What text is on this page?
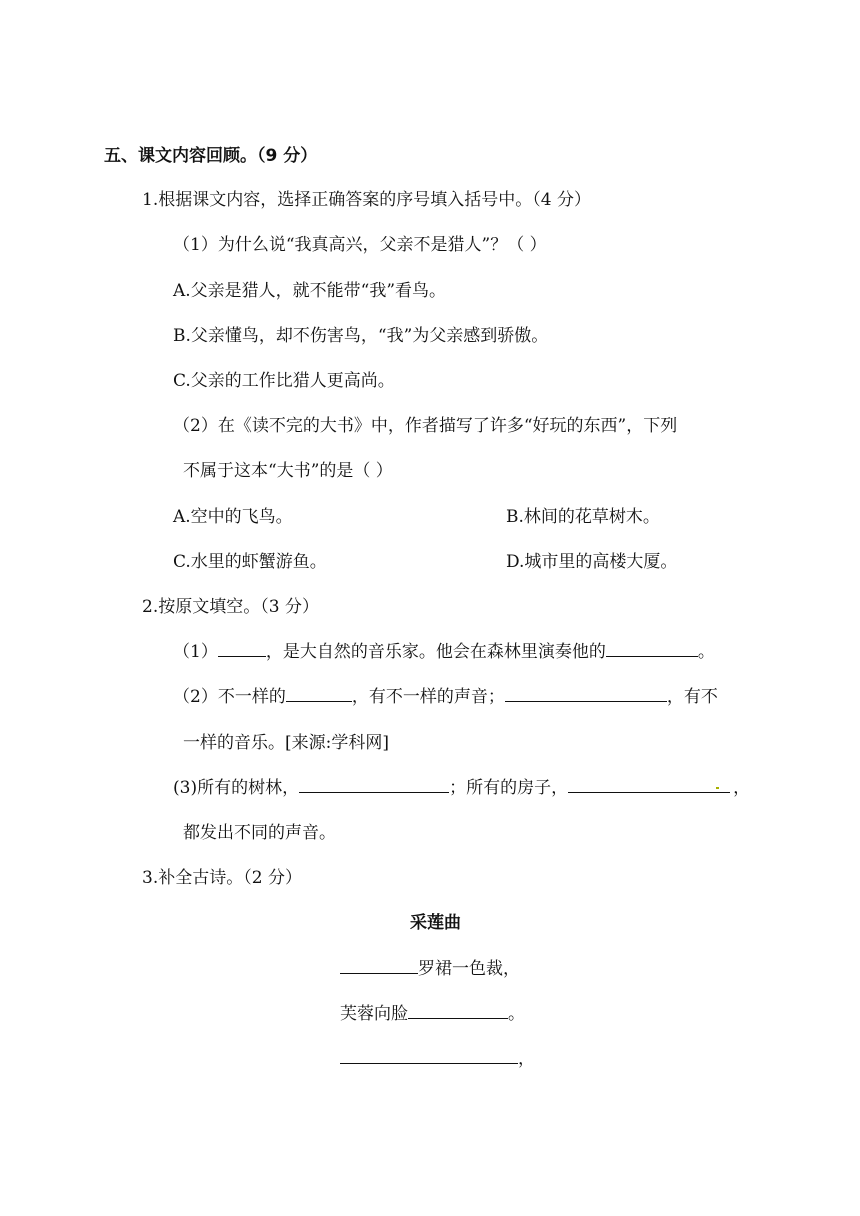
五、课文内容回顾。（9 分）
1.根据课文内容，选择正确答案的序号填入括号中。（4 分）
（1）为什么说“我真高兴，父亲不是猎人”？（ ）
A.父亲是猎人，就不能带“我”看鸟。
B.父亲懂鸟，却不伤害鸟，“我”为父亲感到骄傲。
C.父亲的工作比猎人更高尚。
（2）在《读不完的大书》中，作者描写了许多“好玩的东西”，下列
不属于这本“大书”的是（ ）
A.空中的飞鸟。	B.林间的花草树木。
C.水里的虾蟹游鱼。	D.城市里的高楼大厦。
2.按原文填空。（3 分）
（1）	，是大自然的音乐家。他会在森林里演奏他的	。
（2）不一样的	，有不一样的声音；	，有不
一样的音乐。[来源:学科网]
(3)所有的树林，	；所有的房子，	，
都发出不同的声音。
3.补全古诗。（2 分）
采莲曲
罗裙一色裁，
芙蓉向脸	。
，
